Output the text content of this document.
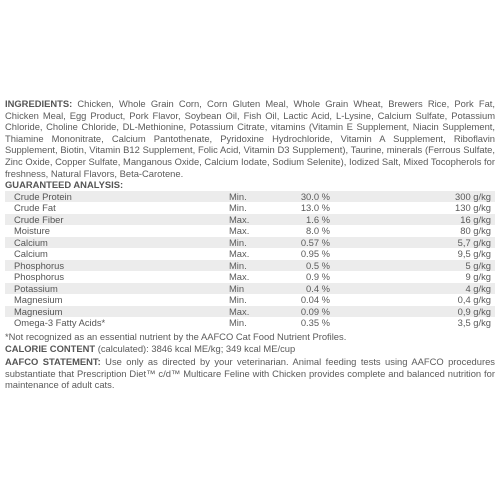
INGREDIENTS: Chicken, Whole Grain Corn, Corn Gluten Meal, Whole Grain Wheat, Brewers Rice, Pork Fat, Chicken Meal, Egg Product, Pork Flavor, Soybean Oil, Fish Oil, Lactic Acid, L-Lysine, Calcium Sulfate, Potassium Chloride, Choline Chloride, DL-Methionine, Potassium Citrate, vitamins (Vitamin E Supplement, Niacin Supplement, Thiamine Mononitrate, Calcium Pantothenate, Pyridoxine Hydrochloride, Vitamin A Supplement, Riboflavin Supplement, Biotin, Vitamin B12 Supplement, Folic Acid, Vitamin D3 Supplement), Taurine, minerals (Ferrous Sulfate, Zinc Oxide, Copper Sulfate, Manganous Oxide, Calcium Iodate, Sodium Selenite), Iodized Salt, Mixed Tocopherols for freshness, Natural Flavors, Beta-Carotene.

GUARANTEED ANALYSIS:
Crude Protein	Min.	30.0 %	300 g/kg
Crude Fat	Min.	13.0 %	130 g/kg
Crude Fiber	Max.	1.6 %	16 g/kg
Moisture	Max.	8.0 %	80 g/kg
Calcium	Min.	0.57 %	5,7 g/kg
Calcium	Max.	0.95 %	9,5 g/kg
Phosphorus	Min.	0.5 %	5 g/kg
Phosphorus	Max.	0.9 %	9 g/kg
Potassium	Min	0.4 %	4 g/kg
Magnesium	Min.	0.04 %	0,4 g/kg
Magnesium	Max.	0.09 %	0,9 g/kg
Omega-3 Fatty Acids*	Min.	0.35 %	3,5 g/kg

*Not recognized as an essential nutrient by the AAFCO Cat Food Nutrient Profiles.

CALORIE CONTENT (calculated): 3846 kcal ME/kg; 349 kcal ME/cup

AAFCO STATEMENT: Use only as directed by your veterinarian. Animal feeding tests using AAFCO procedures substantiate that Prescription Diet™ c/d™ Multicare Feline with Chicken provides complete and balanced nutrition for maintenance of adult cats.
